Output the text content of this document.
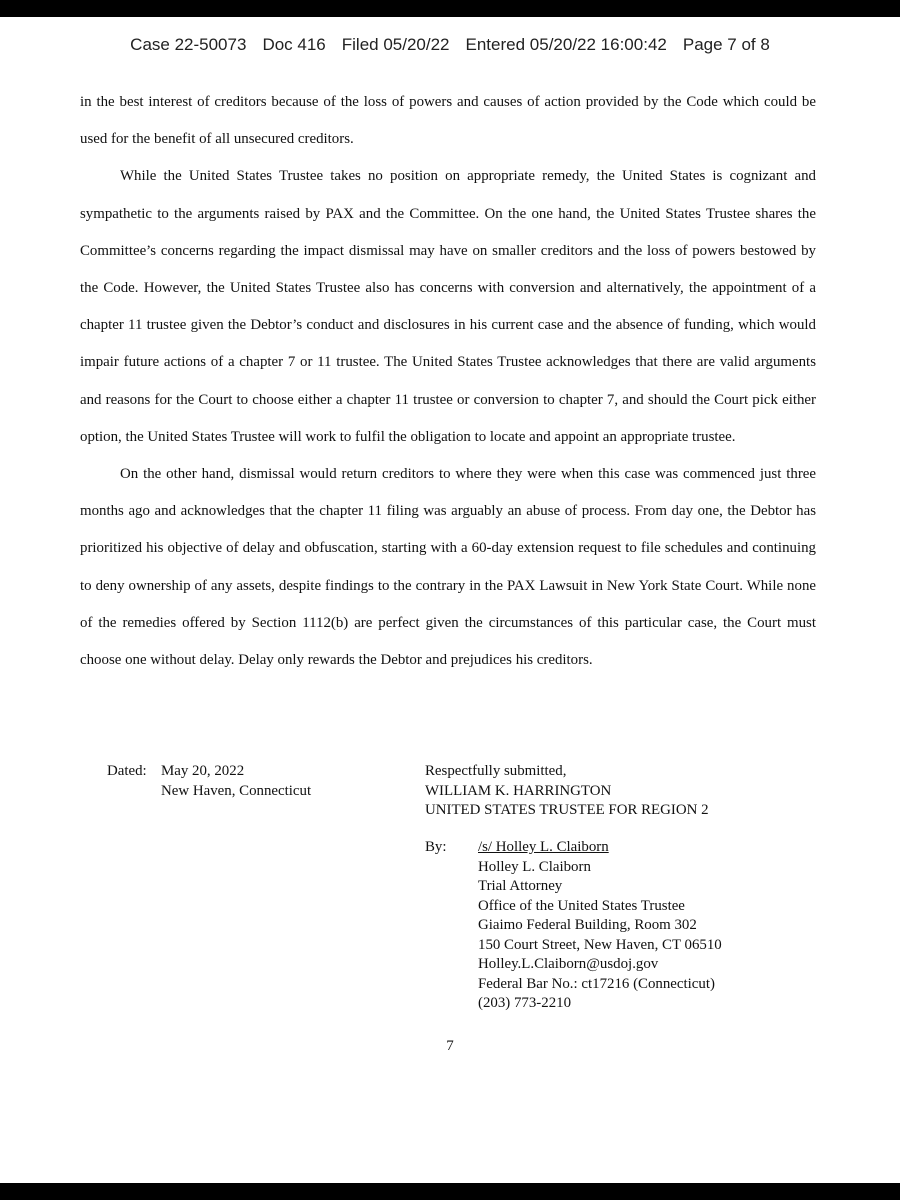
Case 22-50073 Doc 416 Filed 05/20/22 Entered 05/20/22 16:00:42 Page 7 of 8

in the best interest of creditors because of the loss of powers and causes of action provided by the Code which could be used for the benefit of all unsecured creditors.

While the United States Trustee takes no position on appropriate remedy, the United States is cognizant and sympathetic to the arguments raised by PAX and the Committee. On the one hand, the United States Trustee shares the Committee’s concerns regarding the impact dismissal may have on smaller creditors and the loss of powers bestowed by the Code. However, the United States Trustee also has concerns with conversion and alternatively, the appointment of a chapter 11 trustee given the Debtor’s conduct and disclosures in his current case and the absence of funding, which would impair future actions of a chapter 7 or 11 trustee. The United States Trustee acknowledges that there are valid arguments and reasons for the Court to choose either a chapter 11 trustee or conversion to chapter 7, and should the Court pick either option, the United States Trustee will work to fulfil the obligation to locate and appoint an appropriate trustee.

On the other hand, dismissal would return creditors to where they were when this case was commenced just three months ago and acknowledges that the chapter 11 filing was arguably an abuse of process. From day one, the Debtor has prioritized his objective of delay and obfuscation, starting with a 60-day extension request to file schedules and continuing to deny ownership of any assets, despite findings to the contrary in the PAX Lawsuit in New York State Court. While none of the remedies offered by Section 1112(b) are perfect given the circumstances of this particular case, the Court must choose one without delay. Delay only rewards the Debtor and prejudices his creditors.

Dated: May 20, 2022
New Haven, Connecticut
Respectfully submitted,
WILLIAM K. HARRINGTON
UNITED STATES TRUSTEE FOR REGION 2
By:	/s/ Holley L. Claiborn
Holley L. Claiborn
Trial Attorney
Office of the United States Trustee
Giaimo Federal Building, Room 302
150 Court Street, New Haven, CT 06510
Holley.L.Claiborn@usdoj.gov
Federal Bar No.: ct17216 (Connecticut)
(203) 773-2210
7
